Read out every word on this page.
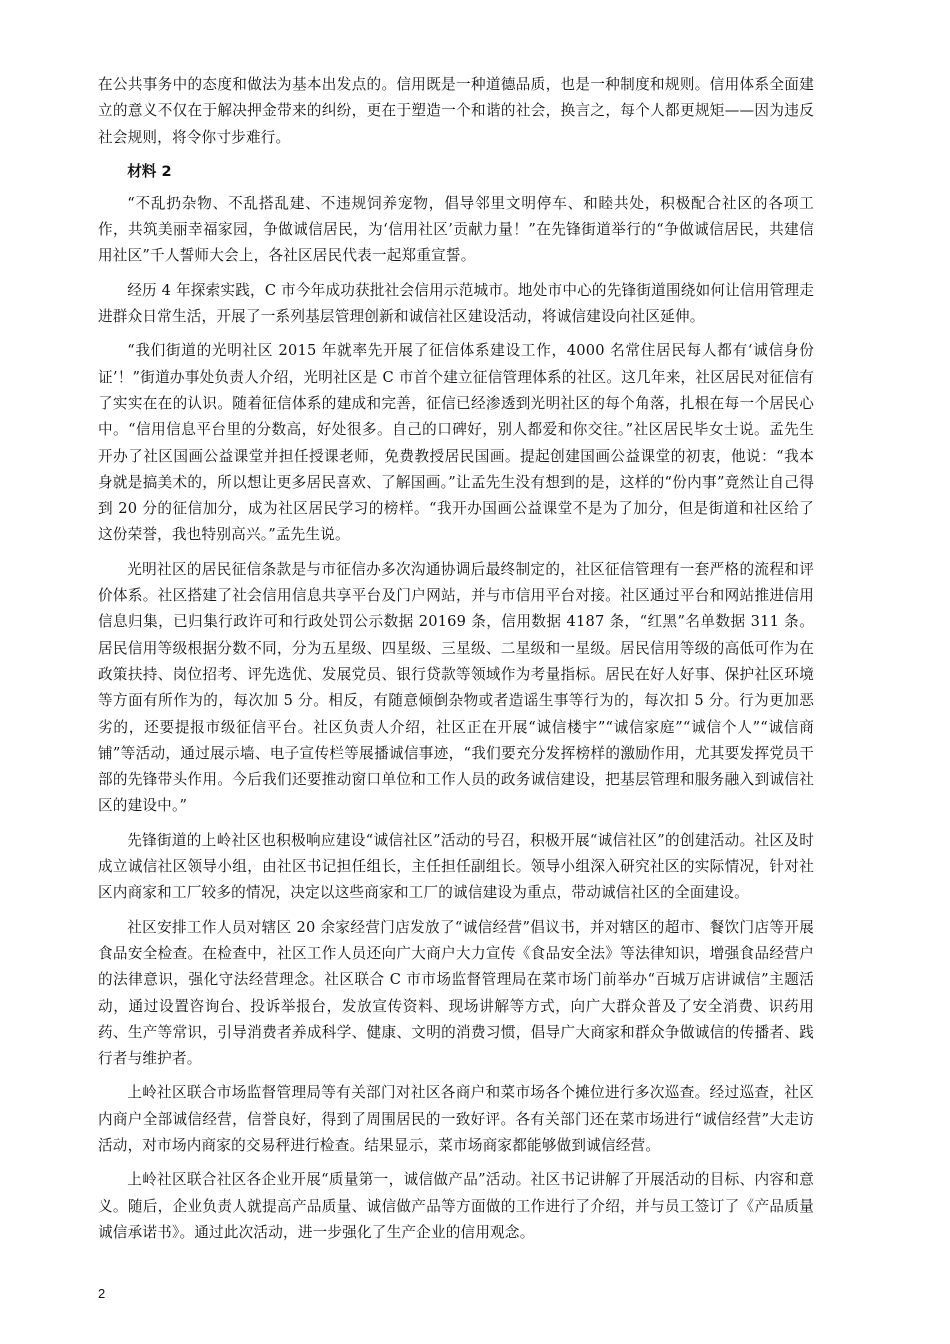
在公共事务中的态度和做法为基本出发点的。信用既是一种道德品质，也是一种制度和规则。信用体系全面建立的意义不仅在于解决押金带来的纠纷，更在于塑造一个和谐的社会，换言之，每个人都更规矩——因为违反社会规则，将令你寸步难行。

材料 2

“不乱扔杂物、不乱搭乱建、不违规饲养宠物，倡导邻里文明停车、和睦共处，积极配合社区的各项工作，共筑美丽幸福家园，争做诚信居民，为‘信用社区’贡献力量！”在先锋街道举行的“争做诚信居民，共建信用社区”千人誓师大会上，各社区居民代表一起郑重宣誓。

经历 4 年探索实践，C 市今年成功获批社会信用示范城市。地处市中心的先锋街道围绕如何让信用管理走进群众日常生活，开展了一系列基层管理创新和诚信社区建设活动，将诚信建设向社区延伸。

“我们街道的光明社区 2015 年就率先开展了征信体系建设工作，4000 名常住居民每人都有‘诚信身份证’！”街道办事处负责人介绍，光明社区是 C 市首个建立征信管理体系的社区。这几年来，社区居民对征信有了实实在在的认识。随着征信体系的建成和完善，征信已经渗透到光明社区的每个角落，扎根在每一个居民心中。“信用信息平台里的分数高，好处很多。自己的口碑好，别人都爱和你交往。”社区居民毕女士说。孟先生开办了社区国画公益课堂并担任授课老师，免费教授居民国画。提起创建国画公益课堂的初衷，他说：“我本身就是搞美术的，所以想让更多居民喜欢、了解国画。”让孟先生没有想到的是，这样的“份内事”竟然让自己得到 20 分的征信加分，成为社区居民学习的榜样。“我开办国画公益课堂不是为了加分，但是街道和社区给了这份荣誉，我也特别高兴。”孟先生说。

光明社区的居民征信条款是与市征信办多次沟通协调后最终制定的，社区征信管理有一套严格的流程和评价体系。社区搭建了社会信用信息共享平台及门户网站，并与市信用平台对接。社区通过平台和网站推进信用信息归集，已归集行政许可和行政处罚公示数据 20169 条，信用数据 4187 条，“红黑”名单数据 311 条。居民信用等级根据分数不同，分为五星级、四星级、三星级、二星级和一星级。居民信用等级的高低可作为在政策扶持、岗位招考、评先选优、发展党员、银行贷款等领域作为考量指标。居民在好人好事、保护社区环境等方面有所作为的，每次加 5 分。相反，有随意倾倒杂物或者造谣生事等行为的，每次扣 5 分。行为更加恶劣的，还要提报市级征信平台。社区负责人介绍，社区正在开展“诚信楼宇”“诚信家庭”“诚信个人”“诚信商铺”等活动，通过展示墙、电子宣传栏等展播诚信事迹，“我们要充分发挥榜样的激励作用，尤其要发挥党员干部的先锋带头作用。今后我们还要推动窗口单位和工作人员的政务诚信建设，把基层管理和服务融入到诚信社区的建设中。”

先锋街道的上岭社区也积极响应建设“诚信社区”活动的号召，积极开展“诚信社区”的创建活动。社区及时成立诚信社区领导小组，由社区书记担任组长，主任担任副组长。领导小组深入研究社区的实际情况，针对社区内商家和工厂较多的情况，决定以这些商家和工厂的诚信建设为重点，带动诚信社区的全面建设。

社区安排工作人员对辖区 20 余家经营门店发放了“诚信经营”倡议书，并对辖区的超市、餐饮门店等开展食品安全检查。在检查中，社区工作人员还向广大商户大力宣传《食品安全法》等法律知识，增强食品经营户的法律意识，强化守法经营理念。社区联合 C 市市场监督管理局在菜市场门前举办“百城万店讲诚信”主题活动，通过设置咨询台、投诉举报台，发放宣传资料、现场讲解等方式，向广大群众普及了安全消费、识药用药、生产等常识，引导消费者养成科学、健康、文明的消费习惯，倡导广大商家和群众争做诚信的传播者、践行者与维护者。

上岭社区联合市场监督管理局等有关部门对社区各商户和菜市场各个摊位进行多次巡查。经过巡查，社区内商户全部诚信经营，信誉良好，得到了周围居民的一致好评。各有关部门还在菜市场进行“诚信经营”大走访活动，对市场内商家的交易秤进行检查。结果显示，菜市场商家都能够做到诚信经营。

上岭社区联合社区各企业开展“质量第一，诚信做产品”活动。社区书记讲解了开展活动的目标、内容和意义。随后，企业负责人就提高产品质量、诚信做产品等方面做的工作进行了介绍，并与员工签订了《产品质量诚信承诺书》。通过此次活动，进一步强化了生产企业的信用观念。

2
